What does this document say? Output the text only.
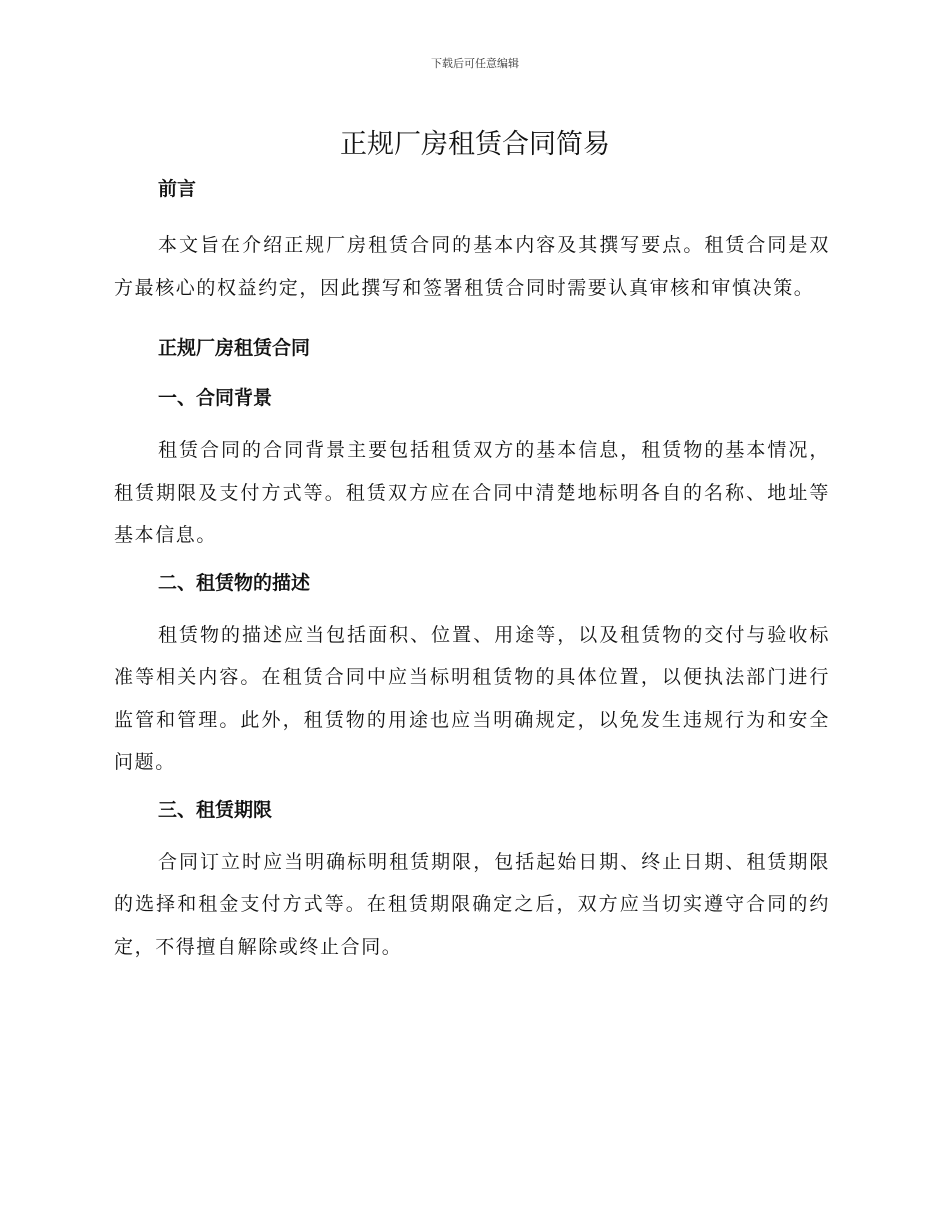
下载后可任意编辑
正规厂房租赁合同简易
前言

本文旨在介绍正规厂房租赁合同的基本内容及其撰写要点。租赁合同是双方最核心的权益约定，因此撰写和签署租赁合同时需要认真审核和审慎决策。

正规厂房租赁合同
一、合同背景

租赁合同的合同背景主要包括租赁双方的基本信息，租赁物的基本情况，租赁期限及支付方式等。租赁双方应在合同中清楚地标明各自的名称、地址等基本信息。

二、租赁物的描述

租赁物的描述应当包括面积、位置、用途等，以及租赁物的交付与验收标准等相关内容。在租赁合同中应当标明租赁物的具体位置，以便执法部门进行监管和管理。此外，租赁物的用途也应当明确规定，以免发生违规行为和安全问题。

三、租赁期限

合同订立时应当明确标明租赁期限，包括起始日期、终止日期、租赁期限的选择和租金支付方式等。在租赁期限确定之后，双方应当切实遵守合同的约定，不得擅自解除或终止合同。
